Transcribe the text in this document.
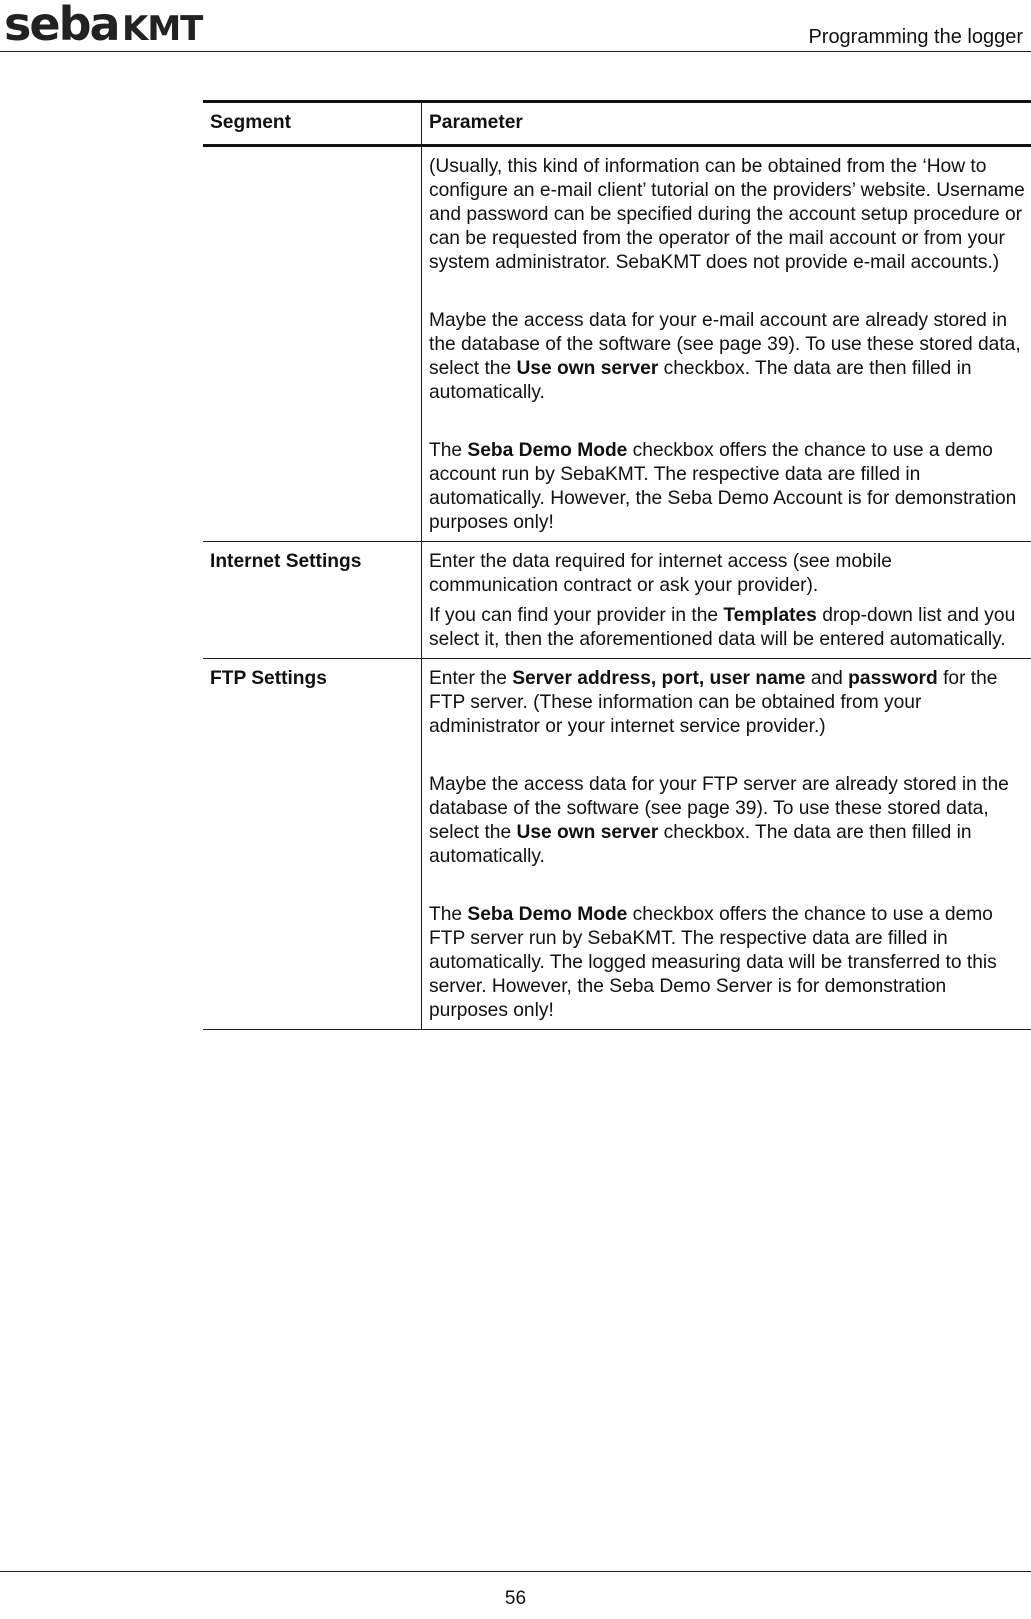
seba KMT	Programming the logger
Segment	Parameter

	(Usually, this kind of information can be obtained from the ‘How to configure an e-mail client’ tutorial on the providers’ website. Username and password can be specified during the account setup procedure or can be requested from the operator of the mail account or from your system administrator. SebaKMT does not provide e-mail accounts.)

Maybe the access data for your e-mail account are already stored in the database of the software (see page 39). To use these stored data, select the Use own server checkbox. The data are then filled in automatically.

The Seba Demo Mode checkbox offers the chance to use a demo account run by SebaKMT. The respective data are filled in automatically. However, the Seba Demo Account is for demonstration purposes only!

Internet Settings	Enter the data required for internet access (see mobile communication contract or ask your provider).

If you can find your provider in the Templates drop-down list and you select it, then the aforementioned data will be entered automatically.

FTP Settings	Enter the Server address, port, user name and password for the FTP server. (These information can be obtained from your administrator or your internet service provider.)

Maybe the access data for your FTP server are already stored in the database of the software (see page 39). To use these stored data, select the Use own server checkbox. The data are then filled in automatically.

The Seba Demo Mode checkbox offers the chance to use a demo FTP server run by SebaKMT. The respective data are filled in automatically. The logged measuring data will be transferred to this server. However, the Seba Demo Server is for demonstration purposes only!

56
